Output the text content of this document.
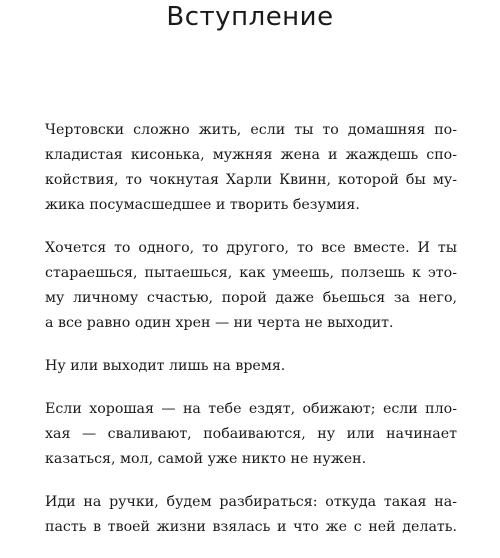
Вступление

Чертовски сложно жить, если ты то домашняя по-
кладистая кисонька, мужняя жена и жаждешь спо-
койствия, то чокнутая Харли Квинн, которой бы му-
жика посумасшедшее и творить безумия.

Хочется то одного, то другого, то все вместе. И ты
стараешься, пытаешься, как умеешь, ползешь к это-
му личному счастью, порой даже бьешься за него,
а все равно один хрен — ни черта не выходит.

Ну или выходит лишь на время.

Если хорошая — на тебе ездят, обижают; если пло-
хая — сваливают, побаиваются, ну или начинает
казаться, мол, самой уже никто не нужен.

Иди на ручки, будем разбираться: откуда такая на-
пасть в твоей жизни взялась и что же с ней делать.
